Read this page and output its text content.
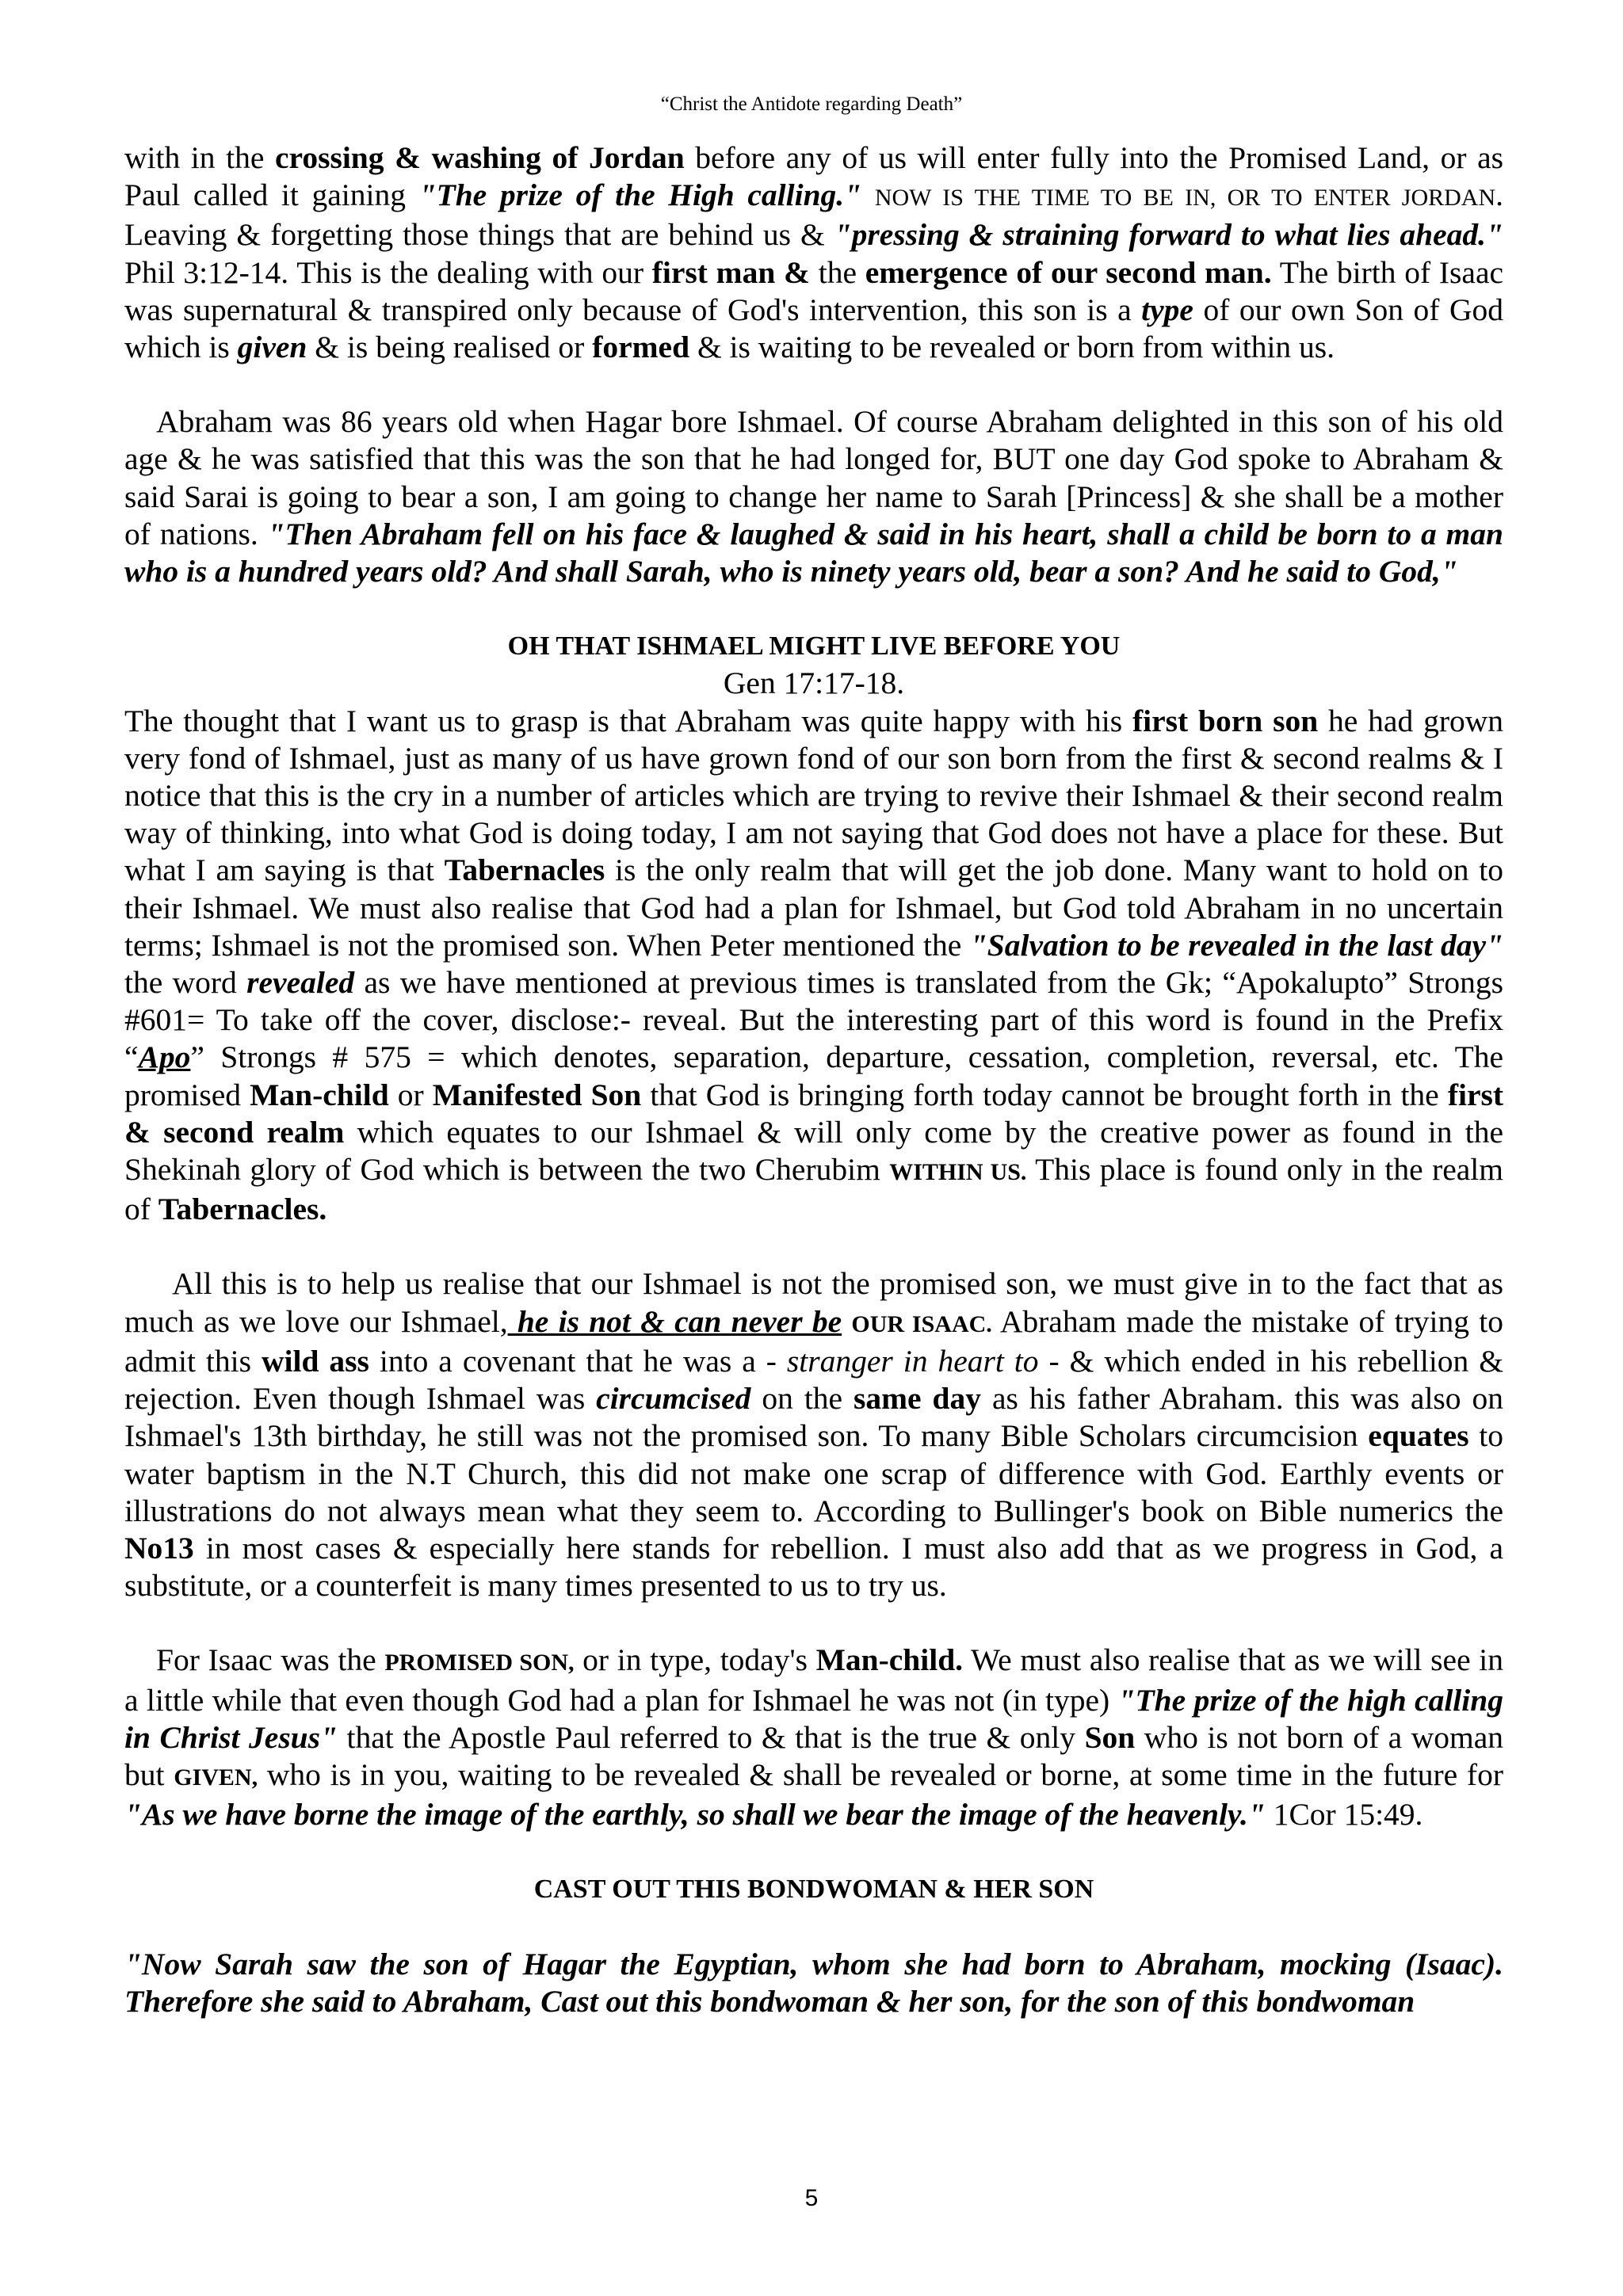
“Christ the Antidote regarding Death”

with in the crossing & washing of Jordan before any of us will enter fully into the Promised Land, or as Paul called it gaining "The prize of the High calling." NOW IS THE TIME TO BE IN, OR TO ENTER JORDAN. Leaving & forgetting those things that are behind us & "pressing & straining forward to what lies ahead." Phil 3:12-14. This is the dealing with our first man & the emergence of our second man. The birth of Isaac was supernatural & transpired only because of God's intervention, this son is a type of our own Son of God which is given & is being realised or formed & is waiting to be revealed or born from within us.

Abraham was 86 years old when Hagar bore Ishmael. Of course Abraham delighted in this son of his old age & he was satisfied that this was the son that he had longed for, BUT one day God spoke to Abraham & said Sarai is going to bear a son, I am going to change her name to Sarah [Princess] & she shall be a mother of nations. "Then Abraham fell on his face & laughed & said in his heart, shall a child be born to a man who is a hundred years old? And shall Sarah, who is ninety years old, bear a son? And he said to God,"

OH THAT ISHMAEL MIGHT LIVE BEFORE YOU

Gen 17:17-18.

The thought that I want us to grasp is that Abraham was quite happy with his first born son he had grown very fond of Ishmael, just as many of us have grown fond of our son born from the first & second realms & I notice that this is the cry in a number of articles which are trying to revive their Ishmael & their second realm way of thinking, into what God is doing today, I am not saying that God does not have a place for these. But what I am saying is that Tabernacles is the only realm that will get the job done. Many want to hold on to their Ishmael. We must also realise that God had a plan for Ishmael, but God told Abraham in no uncertain terms; Ishmael is not the promised son. When Peter mentioned the "Salvation to be revealed in the last day" the word revealed as we have mentioned at previous times is translated from the Gk; “Apokalupto” Strongs #601= To take off the cover, disclose:- reveal. But the interesting part of this word is found in the Prefix “Apo” Strongs # 575 = which denotes, separation, departure, cessation, completion, reversal, etc. The promised Man-child or Manifested Son that God is bringing forth today cannot be brought forth in the first & second realm which equates to our Ishmael & will only come by the creative power as found in the Shekinah glory of God which is between the two Cherubim WITHIN US. This place is found only in the realm of Tabernacles.

All this is to help us realise that our Ishmael is not the promised son, we must give in to the fact that as much as we love our Ishmael, he is not & can never be OUR ISAAC. Abraham made the mistake of trying to admit this wild ass into a covenant that he was a - stranger in heart to - & which ended in his rebellion & rejection. Even though Ishmael was circumcised on the same day as his father Abraham. this was also on Ishmael's 13th birthday, he still was not the promised son. To many Bible Scholars circumcision equates to water baptism in the N.T Church, this did not make one scrap of difference with God. Earthly events or illustrations do not always mean what they seem to. According to Bullinger's book on Bible numerics the No13 in most cases & especially here stands for rebellion. I must also add that as we progress in God, a substitute, or a counterfeit is many times presented to us to try us.

For Isaac was the PROMISED SON, or in type, today's Man-child. We must also realise that as we will see in a little while that even though God had a plan for Ishmael he was not (in type) "The prize of the high calling in Christ Jesus" that the Apostle Paul referred to & that is the true & only Son who is not born of a woman but GIVEN, who is in you, waiting to be revealed & shall be revealed or borne, at some time in the future for "As we have borne the image of the earthly, so shall we bear the image of the heavenly." 1Cor 15:49.

CAST OUT THIS BONDWOMAN & HER SON

"Now Sarah saw the son of Hagar the Egyptian, whom she had born to Abraham, mocking (Isaac). Therefore she said to Abraham, Cast out this bondwoman & her son, for the son of this bondwoman

5
